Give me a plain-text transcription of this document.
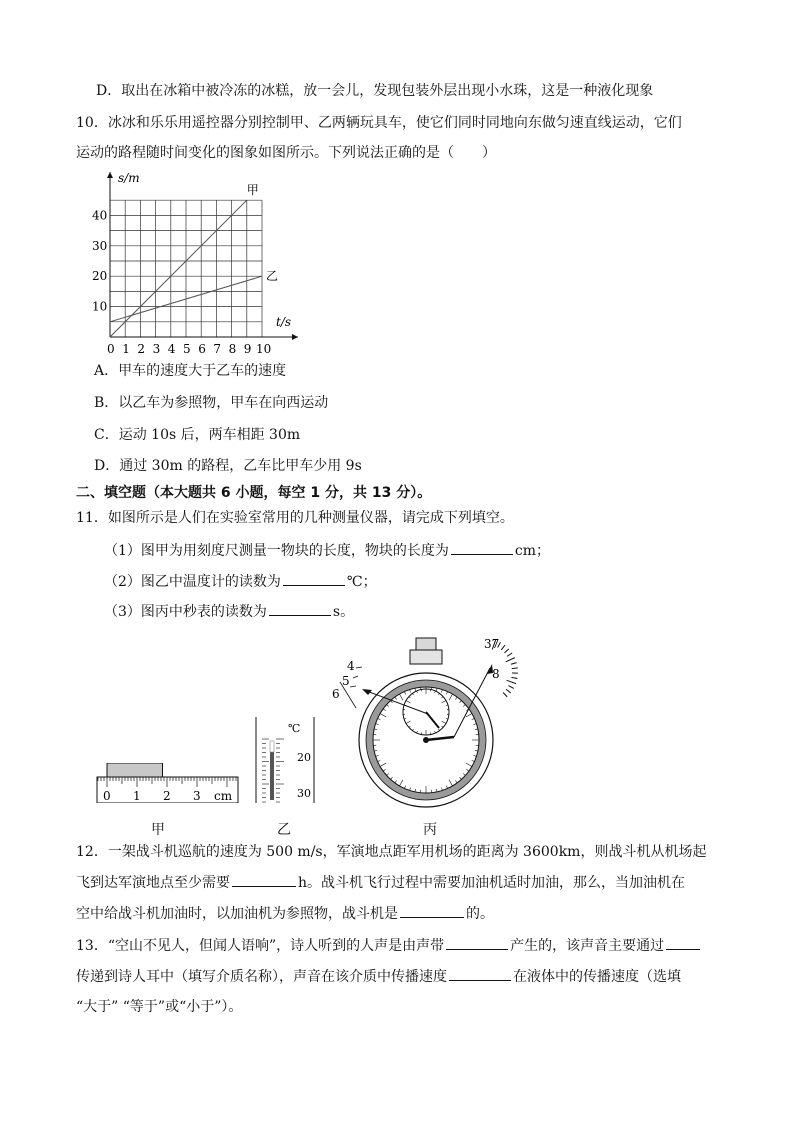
D．取出在冰箱中被冷冻的冰糕，放一会儿，发现包装外层出现小水珠，这是一种液化现象
10．冰冰和乐乐用遥控器分别控制甲、乙两辆玩具车，使它们同时同地向东做匀速直线运动，它们
运动的路程随时间变化的图象如图所示。下列说法正确的是（　　）
0 1 2 3 4 5 6 7 8 9 10
10
20
30
40
甲
乙
s/m
t/s
A．甲车的速度大于乙车的速度
B．以乙车为参照物，甲车在向西运动
C．运动 10s 后，两车相距 30m
D．通过 30m 的路程，乙车比甲车少用 9s
二、填空题（本大题共 6 小题，每空 1 分，共 13 分）。
11．如图所示是人们在实验室常用的几种测量仪器，请完成下列填空。
（1）图甲为用刻度尺测量一物块的长度，物块的长度为	cm；
（2）图乙中温度计的读数为	℃；
（3）图丙中秒表的读数为	s。
0 1 2 3 cm
甲
℃
20
30
乙
4
5
6
37
8
丙
12．一架战斗机巡航的速度为 500 m/s，军演地点距军用机场的距离为 3600km，则战斗机从机场起
飞到达军演地点至少需要	h。战斗机飞行过程中需要加油机适时加油，那么，当加油机在
空中给战斗机加油时，以加油机为参照物，战斗机是	的。
13．“空山不见人，但闻人语响”，诗人听到的人声是由声带	产生的，该声音主要通过
传递到诗人耳中（填写介质名称），声音在该介质中传播速度	在液体中的传播速度（选填
“大于” “等于”或“小于”）。
